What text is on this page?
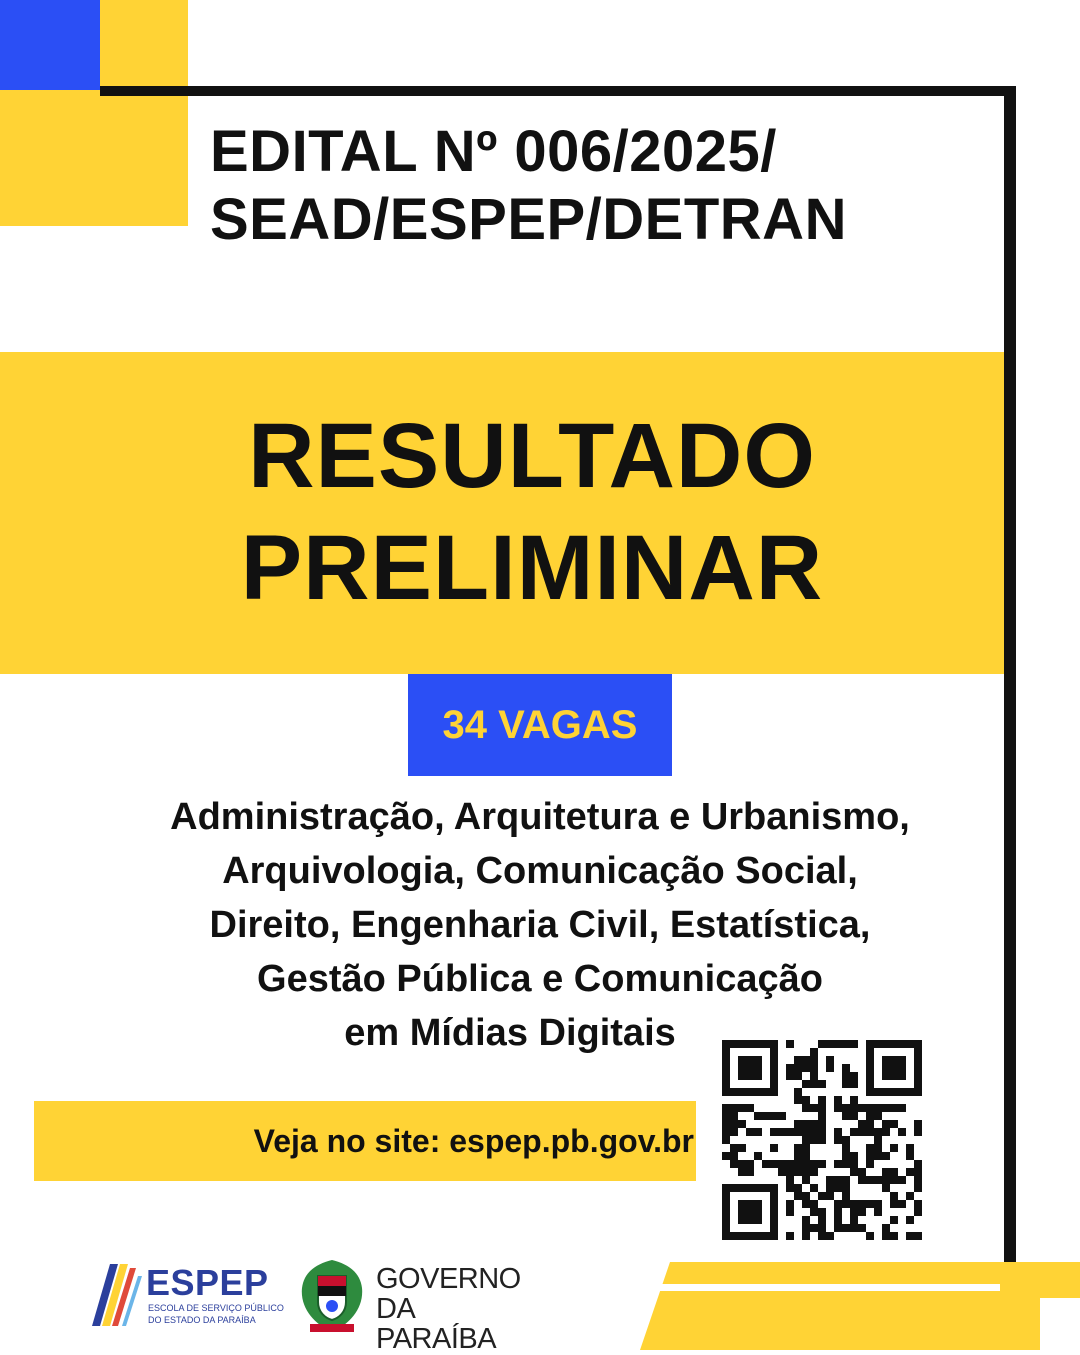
EDITAL Nº 006/2025/
SEAD/ESPEP/DETRAN
RESULTADO
PRELIMINAR
34 VAGAS
Administração, Arquitetura e Urbanismo,
Arquivologia, Comunicação Social,
Direito, Engenharia Civil, Estatística,
Gestão Pública e Comunicação
em Mídias Digitais
Veja no site: espep.pb.gov.br
ESPEP
ESCOLA DE SERVIÇO PÚBLICO
DO ESTADO DA PARAÍBA
GOVERNO
DA PARAÍBA
